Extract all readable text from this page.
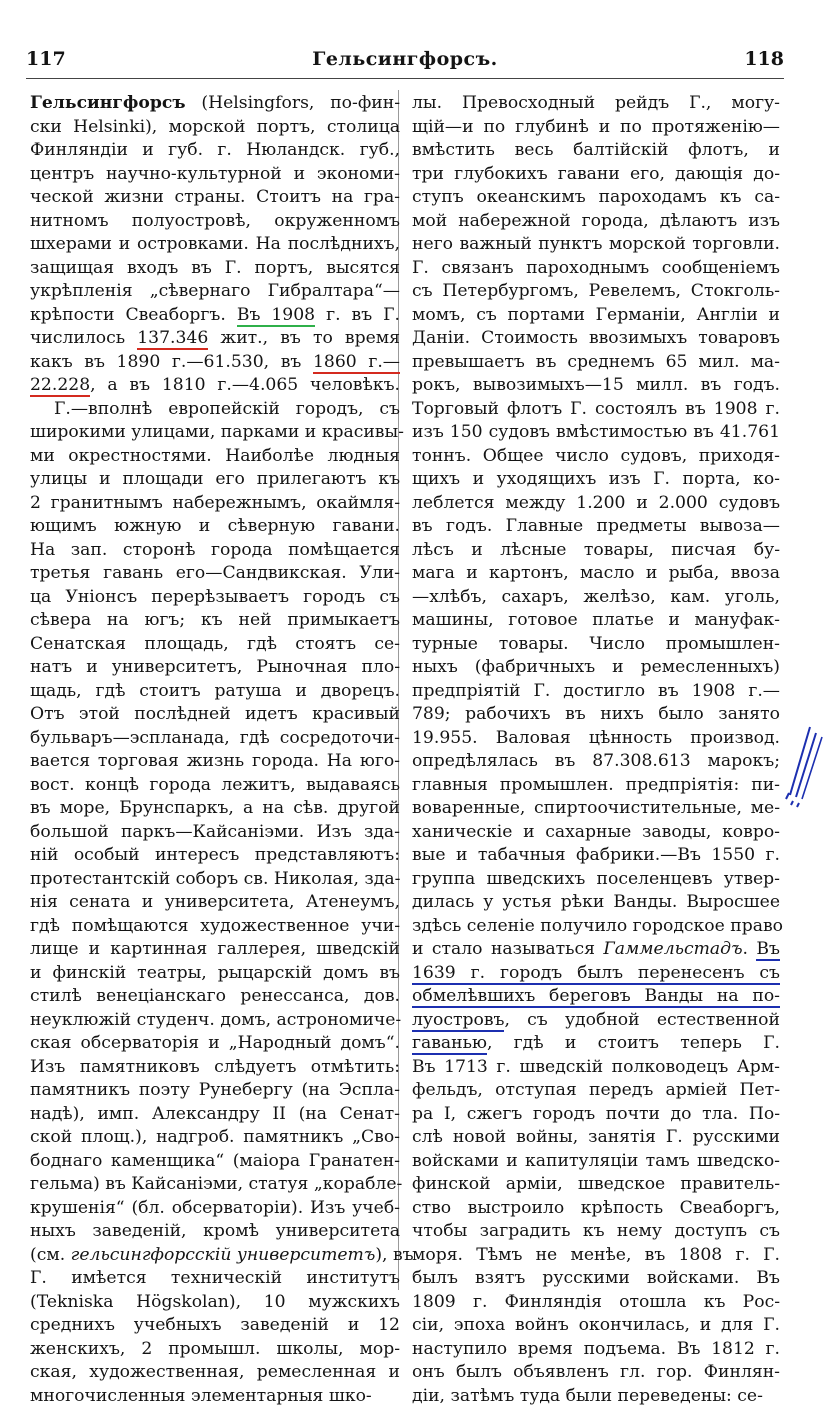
117	Гельсингфорсъ.	118
Гельсингфорсъ (Helsingfors, по-фин-
ски Helsinki), морской портъ, столица
Финляндіи и губ. г. Нюландск. губ.,
центръ научно-культурной и экономи-
ческой жизни страны. Стоитъ на гра-
нитномъ полуостровѣ, окруженномъ
шхерами и островками. На послѣднихъ,
защищая входъ въ Г. портъ, высятся
укрѣпленія „сѣвернаго Гибралтара“—
крѣпости Свеаборгъ. Въ 1908 г. въ Г.
числилось 137.346 жит., въ то время
какъ въ 1890 г.—61.530, въ 1860 г.—
22.228, а въ 1810 г.—4.065 человѣкъ.
Г.—вполнѣ европейскій городъ, съ
широкими улицами, парками и красивы-
ми окрестностями. Наиболѣе людныя
улицы и площади его прилегаютъ къ
2 гранитнымъ набережнымъ, окаймля-
ющимъ южную и сѣверную гавани.
На зап. сторонѣ города помѣщается
третья гавань его—Сандвикская. Ули-
ца Уніонсъ перерѣзываетъ городъ съ
сѣвера на югъ; къ ней примыкаетъ
Сенатская площадь, гдѣ стоятъ се-
натъ и университетъ, Рыночная пло-
щадь, гдѣ стоитъ ратуша и дворецъ.
Отъ этой послѣдней идетъ красивый
бульваръ—эспланада, гдѣ сосредоточи-
вается торговая жизнь города. На юго-
вост. концѣ города лежитъ, выдаваясь
въ море, Брунспаркъ, а на сѣв. другой
большой паркъ—Кайсаніэми. Изъ зда-
ній особый интересъ представляютъ:
протестантскій соборъ св. Николая, зда-
нія сената и университета, Атенеумъ,
гдѣ помѣщаются художественное учи-
лище и картинная галлерея, шведскій
и финскій театры, рыцарскій домъ въ
стилѣ венеціанскаго ренессанса, дов.
неуклюжій студенч. домъ, астрономиче-
ская обсерваторія и „Народный домъ“.
Изъ памятниковъ слѣдуетъ отмѣтить:
памятникъ поэту Рунебергу (на Эспла-
надѣ), имп. Александру II (на Сенат-
ской площ.), надгроб. памятникъ „Сво-
боднаго каменщика“ (маіора Гранатен-
гельма) въ Кайсаніэми, статуя „кораблe-
крушенія“ (бл. обсерваторіи). Изъ учеб-
ныхъ заведеній, кромѣ университета
(см. гельсингфорсскій университетъ), въ
Г. имѣется техническій институтъ
(Tekniska Högskolan), 10 мужскихъ
среднихъ учебныхъ заведеній и 12
женскихъ, 2 промышл. школы, мор-
ская, художественная, ремесленная и
многочисленныя элементарныя шко-
лы. Превосходный рейдъ Г., могу-
щій—и по глубинѣ и по протяженію—
вмѣстить весь балтійскій флотъ, и
три глубокихъ гавани его, дающія до-
ступъ океанскимъ пароходамъ къ са-
мой набережной города, дѣлаютъ изъ
него важный пунктъ морской торговли.
Г. связанъ пароходнымъ сообщеніемъ
съ Петербургомъ, Ревелемъ, Стокголь-
момъ, съ портами Германіи, Англіи и
Даніи. Стоимость ввозимыхъ товаровъ
превышаетъ въ среднемъ 65 мил. ма-
рокъ, вывозимыхъ—15 милл. въ годъ.
Торговый флотъ Г. состоялъ въ 1908 г.
изъ 150 судовъ вмѣстимостью въ 41.761
тоннъ. Общее число судовъ, приходя-
щихъ и уходящихъ изъ Г. порта, ко-
леблется между 1.200 и 2.000 судовъ
въ годъ. Главные предметы вывоза—
лѣсъ и лѣсные товары, писчая бу-
мага и картонъ, масло и рыба, ввоза
—хлѣбъ, сахаръ, желѣзо, кам. уголь,
машины, готовое платье и мануфак-
турные товары. Число промышлен-
ныхъ (фабричныхъ и ремесленныхъ)
предпріятій Г. достигло въ 1908 г.—
789; рабочихъ въ нихъ было занято
19.955. Валовая цѣнность производ.
опредѣлялась въ 87.308.613 марокъ;
главныя промышлен. предпріятія: пи-
воваренные, спиртоочистительные, ме-
ханическіе и сахарные заводы, ковро-
вые и табачныя фабрики.—Въ 1550 г.
группа шведскихъ поселенцевъ утвер-
дилась у устья рѣки Ванды. Выросшее
здѣсь селеніе получило городское право
и стало называться Гаммельстадъ. Въ
1639 г. городъ былъ перенесенъ съ
обмелѣвшихъ береговъ Ванды на по-
луостровъ, съ удобной естественной
гаванью, гдѣ и стоитъ теперь Г.
Въ 1713 г. шведскій полководецъ Арм-
фельдъ, отступая передъ арміей Пет-
ра I, сжегъ городъ почти до тла. По-
слѣ новой войны, занятія Г. русскими
войсками и капитуляціи тамъ шведско-
финской арміи, шведское правитель-
ство выстроило крѣпость Свеаборгъ,
чтобы заградить къ нему доступъ съ
моря. Тѣмъ не менѣе, въ 1808 г. Г.
былъ взятъ русскими войсками. Въ
1809 г. Финляндія отошла къ Рос-
сіи, эпоха войнъ окончилась, и для Г.
наступило время подъема. Въ 1812 г.
онъ былъ объявленъ гл. гор. Финлян-
діи, затѣмъ туда были переведены: се-
